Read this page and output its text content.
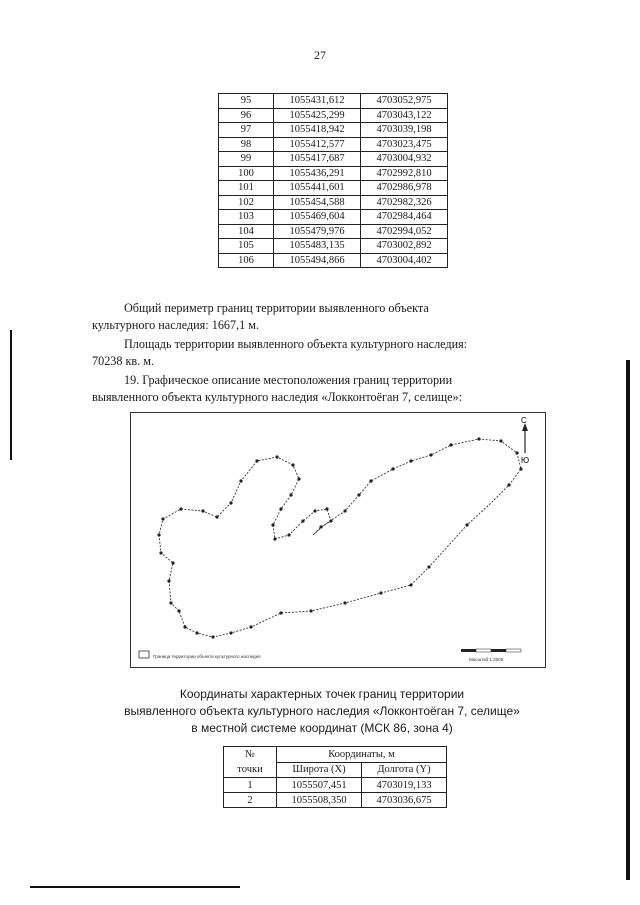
27
95	1055431,612	4703052,975
96	1055425,299	4703043,122
97	1055418,942	4703039,198
98	1055412,577	4703023,475
99	1055417,687	4703004,932
100	1055436,291	4702992,810
101	1055441,601	4702986,978
102	1055454,588	4702982,326
103	1055469,604	4702984,464
104	1055479,976	4702994,052
105	1055483,135	4703002,892
106	1055494,866	4703004,402
Общий периметр границ территории выявленного объекта
культурного наследия: 1667,1 м.
Площадь территории выявленного объекта культурного наследия:
70238 кв. м.
19. Графическое описание местоположения границ территории
выявленного объекта культурного наследия «Локконтоёган 7, селище»:
С
Ю
Граница территории объекта культурного наследия
Масштаб 1:2000
Координаты характерных точек границ территории
выявленного объекта культурного наследия «Локконтоёган 7, селище»
в местной системе координат (МСК 86, зона 4)
№
точки	Координаты, м	
	Широта (X)	Долгота (Y)
1	1055507,451	4703019,133
2	1055508,350	4703036,675
